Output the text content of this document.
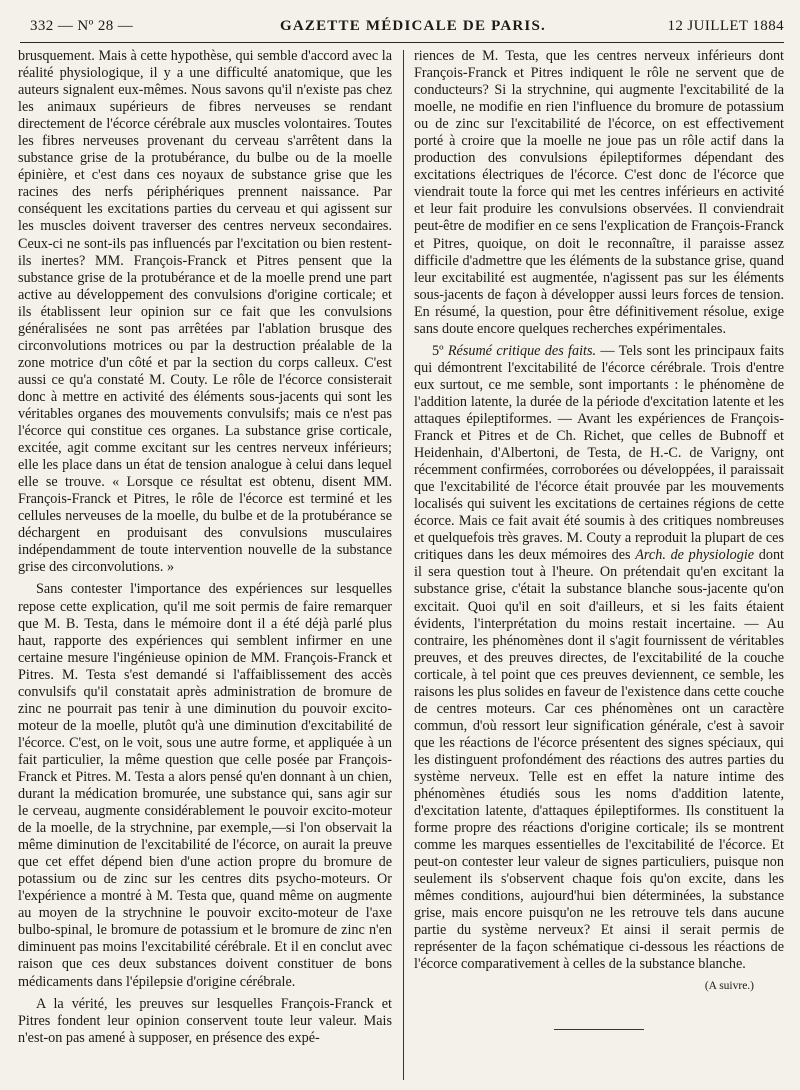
332 — Nº 28 —	GAZETTE MÉDICALE DE PARIS.	12 JUILLET 1884

brusquement. Mais à cette hypothèse, qui semble d'accord avec la réalité physiologique, il y a une difficulté anatomique, que les auteurs signalent eux-mêmes. Nous savons qu'il n'existe pas chez les animaux supérieurs de fibres nerveuses se rendant directement de l'écorce cérébrale aux muscles volontaires. Toutes les fibres nerveuses provenant du cerveau s'arrêtent dans la substance grise de la protubérance, du bulbe ou de la moelle épinière, et c'est dans ces noyaux de substance grise que les racines des nerfs périphériques prennent naissance. Par conséquent les excitations parties du cerveau et qui agissent sur les muscles doivent traverser des centres nerveux secondaires. Ceux-ci ne sont-ils pas influencés par l'excitation ou bien restent-ils inertes? MM. François-Franck et Pitres pensent que la substance grise de la protubérance et de la moelle prend une part active au développement des convulsions d'origine corticale; et ils établissent leur opinion sur ce fait que les convulsions généralisées ne sont pas arrêtées par l'ablation brusque des circonvolutions motrices ou par la destruction préalable de la zone motrice d'un côté et par la section du corps calleux. C'est aussi ce qu'a constaté M. Couty. Le rôle de l'écorce consisterait donc à mettre en activité des éléments sous-jacents qui sont les véritables organes des mouvements convulsifs; mais ce n'est pas l'écorce qui constitue ces organes. La substance grise corticale, excitée, agit comme excitant sur les centres nerveux inférieurs; elle les place dans un état de tension analogue à celui dans lequel elle se trouve. « Lorsque ce résultat est obtenu, disent MM. François-Franck et Pitres, le rôle de l'écorce est terminé et les cellules nerveuses de la moelle, du bulbe et de la protubérance se déchargent en produisant des convulsions musculaires indépendamment de toute intervention nouvelle de la substance grise des circonvolutions. »

Sans contester l'importance des expériences sur lesquelles repose cette explication, qu'il me soit permis de faire remarquer que M. B. Testa, dans le mémoire dont il a été déjà parlé plus haut, rapporte des expériences qui semblent infirmer en une certaine mesure l'ingénieuse opinion de MM. François-Franck et Pitres. M. Testa s'est demandé si l'affaiblissement des accès convulsifs qu'il constatait après administration de bromure de zinc ne pourrait pas tenir à une diminution du pouvoir excito-moteur de la moelle, plutôt qu'à une diminution d'excitabilité de l'écorce. C'est, on le voit, sous une autre forme, et appliquée à un fait particulier, la même question que celle posée par François-Franck et Pitres. M. Testa a alors pensé qu'en donnant à un chien, durant la médication bromurée, une substance qui, sans agir sur le cerveau, augmente considérablement le pouvoir excito-moteur de la moelle, de la strychnine, par exemple,—si l'on observait la même diminution de l'excitabilité de l'écorce, on aurait la preuve que cet effet dépend bien d'une action propre du bromure de potassium ou de zinc sur les centres dits psycho-moteurs. Or l'expérience a montré à M. Testa que, quand même on augmente au moyen de la strychnine le pouvoir excito-moteur de l'axe bulbo-spinal, le bromure de potassium et le bromure de zinc n'en diminuent pas moins l'excitabilité cérébrale. Et il en conclut avec raison que ces deux substances doivent constituer de bons médicaments dans l'épilepsie d'origine cérébrale.

A la vérité, les preuves sur lesquelles François-Franck et Pitres fondent leur opinion conservent toute leur valeur. Mais n'est-on pas amené à supposer, en présence des expé-

riences de M. Testa, que les centres nerveux inférieurs dont François-Franck et Pitres indiquent le rôle ne servent que de conducteurs? Si la strychnine, qui augmente l'excitabilité de la moelle, ne modifie en rien l'influence du bromure de potassium ou de zinc sur l'excitabilité de l'écorce, on est effectivement porté à croire que la moelle ne joue pas un rôle actif dans la production des convulsions épileptiformes dépendant des excitations électriques de l'écorce. C'est donc de l'écorce que viendrait toute la force qui met les centres inférieurs en activité et leur fait produire les convulsions observées. Il conviendrait peut-être de modifier en ce sens l'explication de François-Franck et Pitres, quoique, on doit le reconnaître, il paraisse assez difficile d'admettre que les éléments de la substance grise, quand leur excitabilité est augmentée, n'agissent pas sur les éléments sous-jacents de façon à développer aussi leurs forces de tension. En résumé, la question, pour être définitivement résolue, exige sans doute encore quelques recherches expérimentales.

5º Résumé critique des faits. — Tels sont les principaux faits qui démontrent l'excitabilité de l'écorce cérébrale. Trois d'entre eux surtout, ce me semble, sont importants : le phénomène de l'addition latente, la durée de la période d'excitation latente et les attaques épileptiformes. — Avant les expériences de François-Franck et Pitres et de Ch. Richet, que celles de Bubnoff et Heidenhain, d'Albertoni, de Testa, de H.-C. de Varigny, ont récemment confirmées, corroborées ou développées, il paraissait que l'excitabilité de l'écorce était prouvée par les mouvements localisés qui suivent les excitations de certaines régions de cette écorce. Mais ce fait avait été soumis à des critiques nombreuses et quelquefois très graves. M. Couty a reproduit la plupart de ces critiques dans les deux mémoires des Arch. de physiologie dont il sera question tout à l'heure. On prétendait qu'en excitant la substance grise, c'était la substance blanche sous-jacente qu'on excitait. Quoi qu'il en soit d'ailleurs, et si les faits étaient évidents, l'interprétation du moins restait incertaine. — Au contraire, les phénomènes dont il s'agit fournissent de véritables preuves, et des preuves directes, de l'excitabilité de la couche corticale, à tel point que ces preuves deviennent, ce semble, les raisons les plus solides en faveur de l'existence dans cette couche de centres moteurs. Car ces phénomènes ont un caractère commun, d'où ressort leur signification générale, c'est à savoir que les réactions de l'écorce présentent des signes spéciaux, qui les distinguent profondément des réactions des autres parties du système nerveux. Telle est en effet la nature intime des phénomènes étudiés sous les noms d'addition latente, d'excitation latente, d'attaques épileptiformes. Ils constituent la forme propre des réactions d'origine corticale; ils se montrent comme les marques essentielles de l'excitabilité de l'écorce. Et peut-on contester leur valeur de signes particuliers, puisque non seulement ils s'observent chaque fois qu'on excite, dans les mêmes conditions, aujourd'hui bien déterminées, la substance grise, mais encore puisqu'on ne les retrouve tels dans aucune partie du système nerveux? Et ainsi il serait permis de représenter de la façon schématique ci-dessous les réactions de l'écorce comparativement à celles de la substance blanche.

(A suivre.)
